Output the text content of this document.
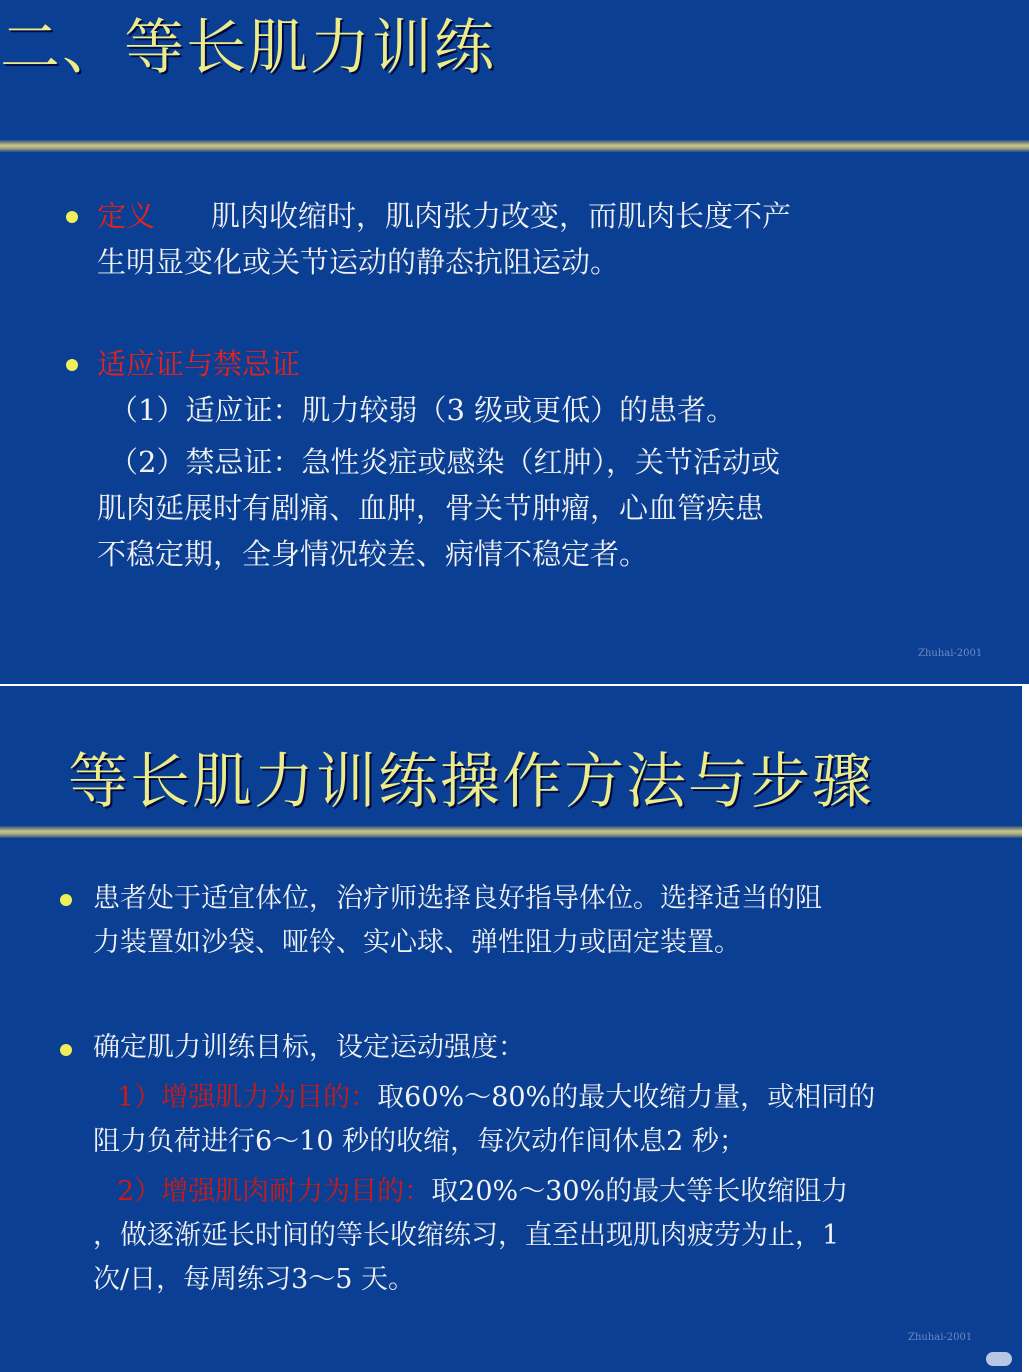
二、等长肌力训练
定义 肌肉收缩时，肌肉张力改变，而肌肉长度不产
生明显变化或关节运动的静态抗阻运动。
适应证与禁忌证
（1）适应证：肌力较弱（3 级或更低）的患者。
（2）禁忌证：急性炎症或感染（红肿），关节活动或
肌肉延展时有剧痛、血肿，骨关节肿瘤，心血管疾患
不稳定期，全身情况较差、病情不稳定者。
Zhuhai-2001
等长肌力训练操作方法与步骤
患者处于适宜体位，治疗师选择良好指导体位。选择适当的阻
力装置如沙袋、哑铃、实心球、弹性阻力或固定装置。
确定肌力训练目标，设定运动强度：
1）增强肌力为目的：取60%～80%的最大收缩力量，或相同的
阻力负荷进行6～10 秒的收缩，每次动作间休息2 秒；
2）增强肌肉耐力为目的：取20%～30%的最大等长收缩阻力
，做逐渐延长时间的等长收缩练习，直至出现肌肉疲劳为止，1
次/日，每周练习3～5 天。
Zhuhai-2001
